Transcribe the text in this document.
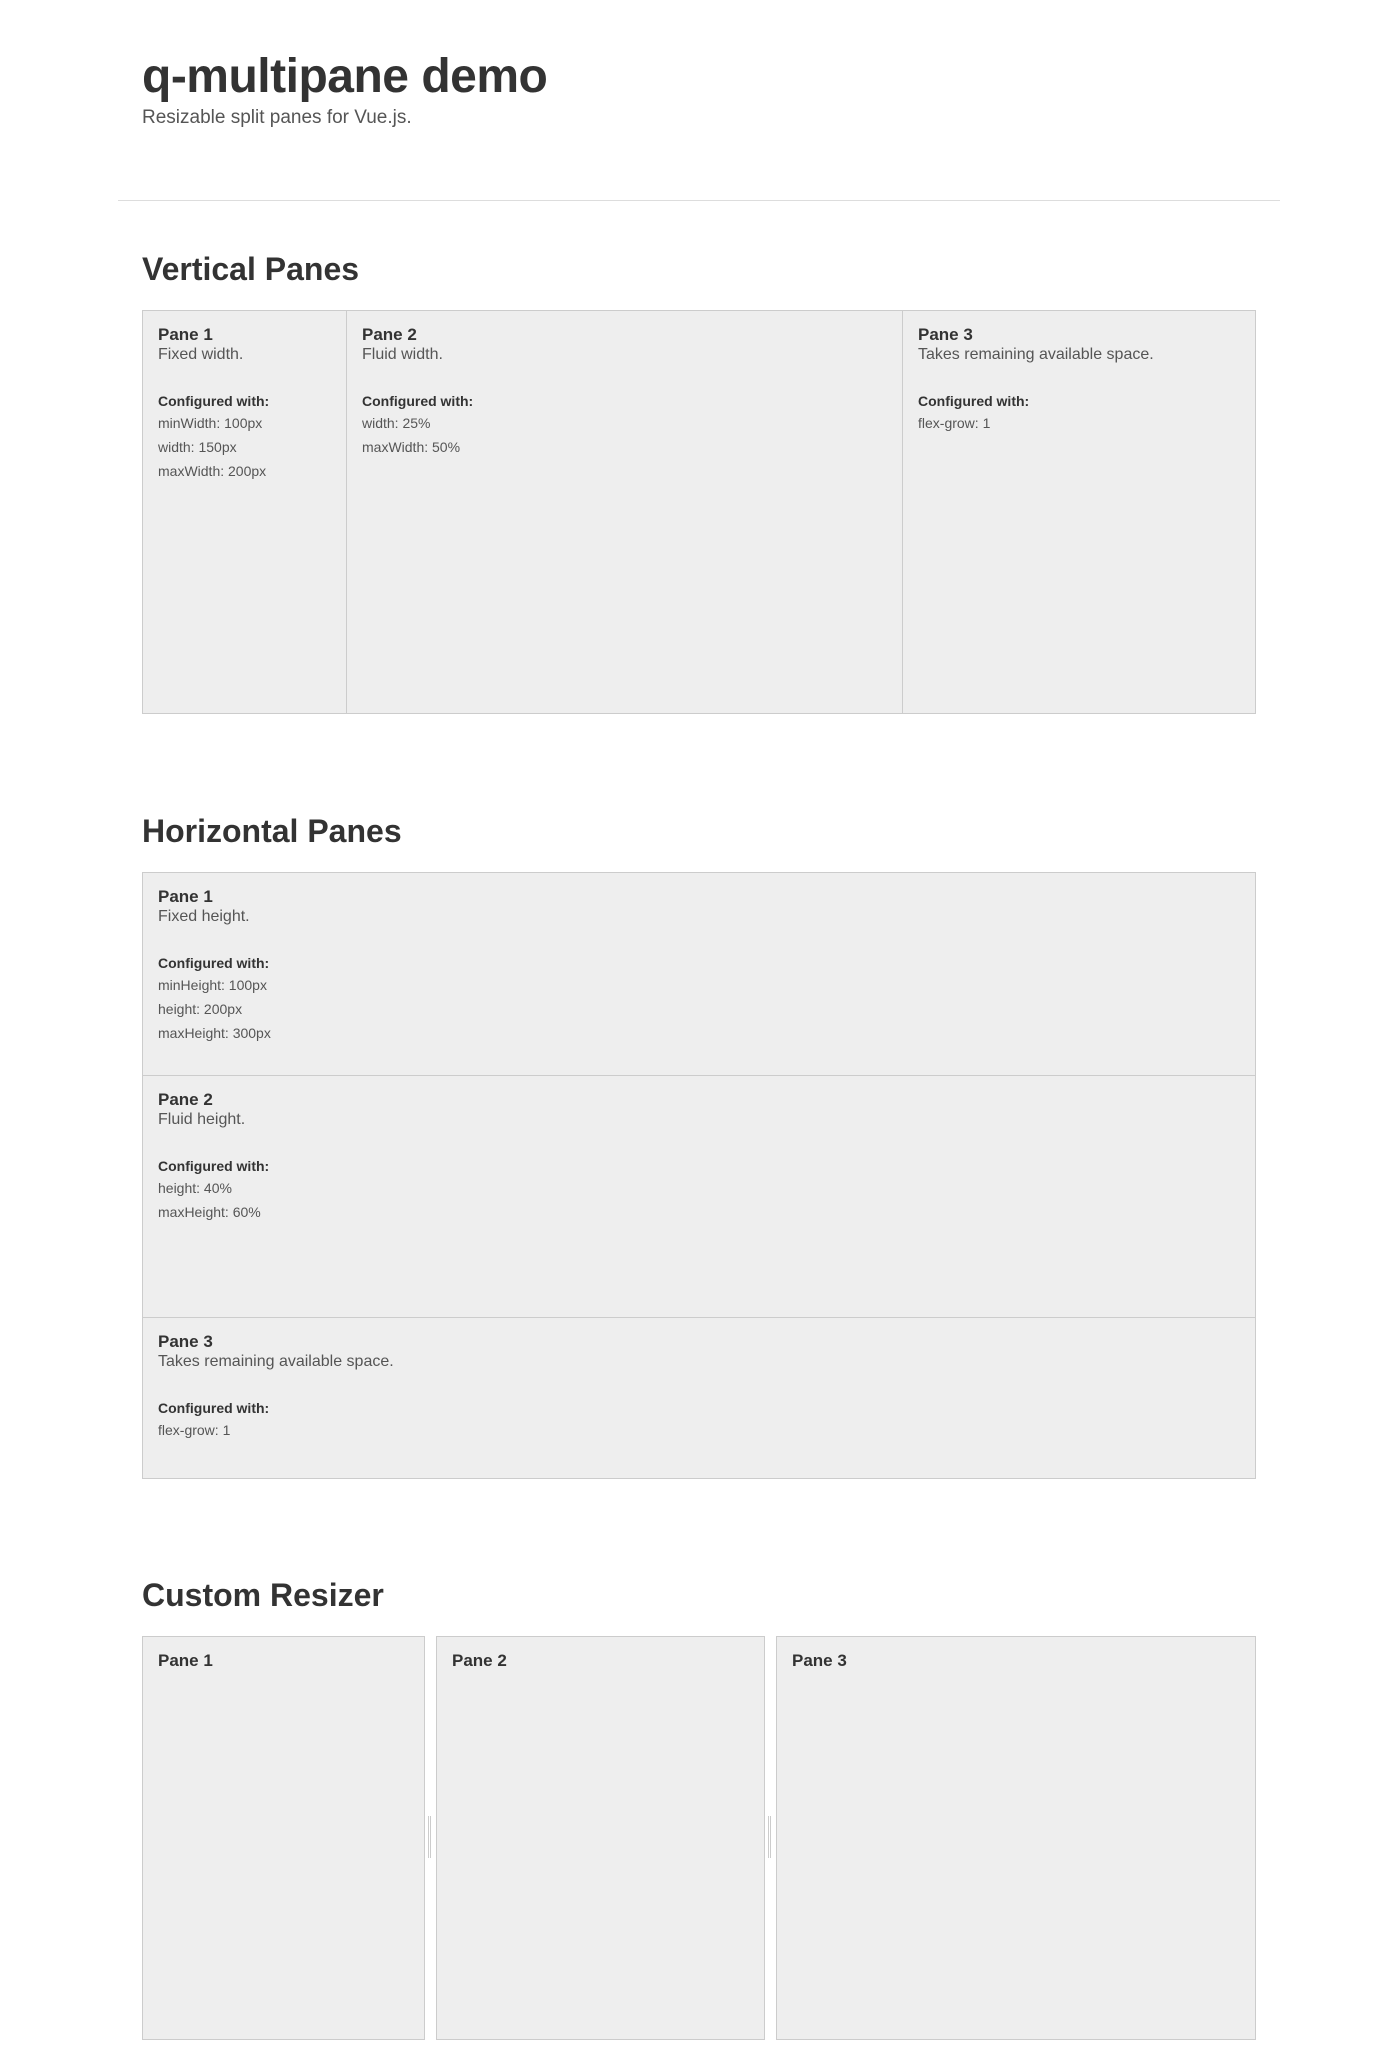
q-multipane demo
Resizable split panes for Vue.js.
Vertical Panes
Pane 1
Fixed width.
Configured with:
minWidth: 100px
width: 150px
maxWidth: 200px
Pane 2
Fluid width.
Configured with:
width: 25%
maxWidth: 50%
Pane 3
Takes remaining available space.
Configured with:
flex-grow: 1
Horizontal Panes
Pane 1
Fixed height.
Configured with:
minHeight: 100px
height: 200px
maxHeight: 300px
Pane 2
Fluid height.
Configured with:
height: 40%
maxHeight: 60%
Pane 3
Takes remaining available space.
Configured with:
flex-grow: 1
Custom Resizer
Pane 1	Pane 2	Pane 3
